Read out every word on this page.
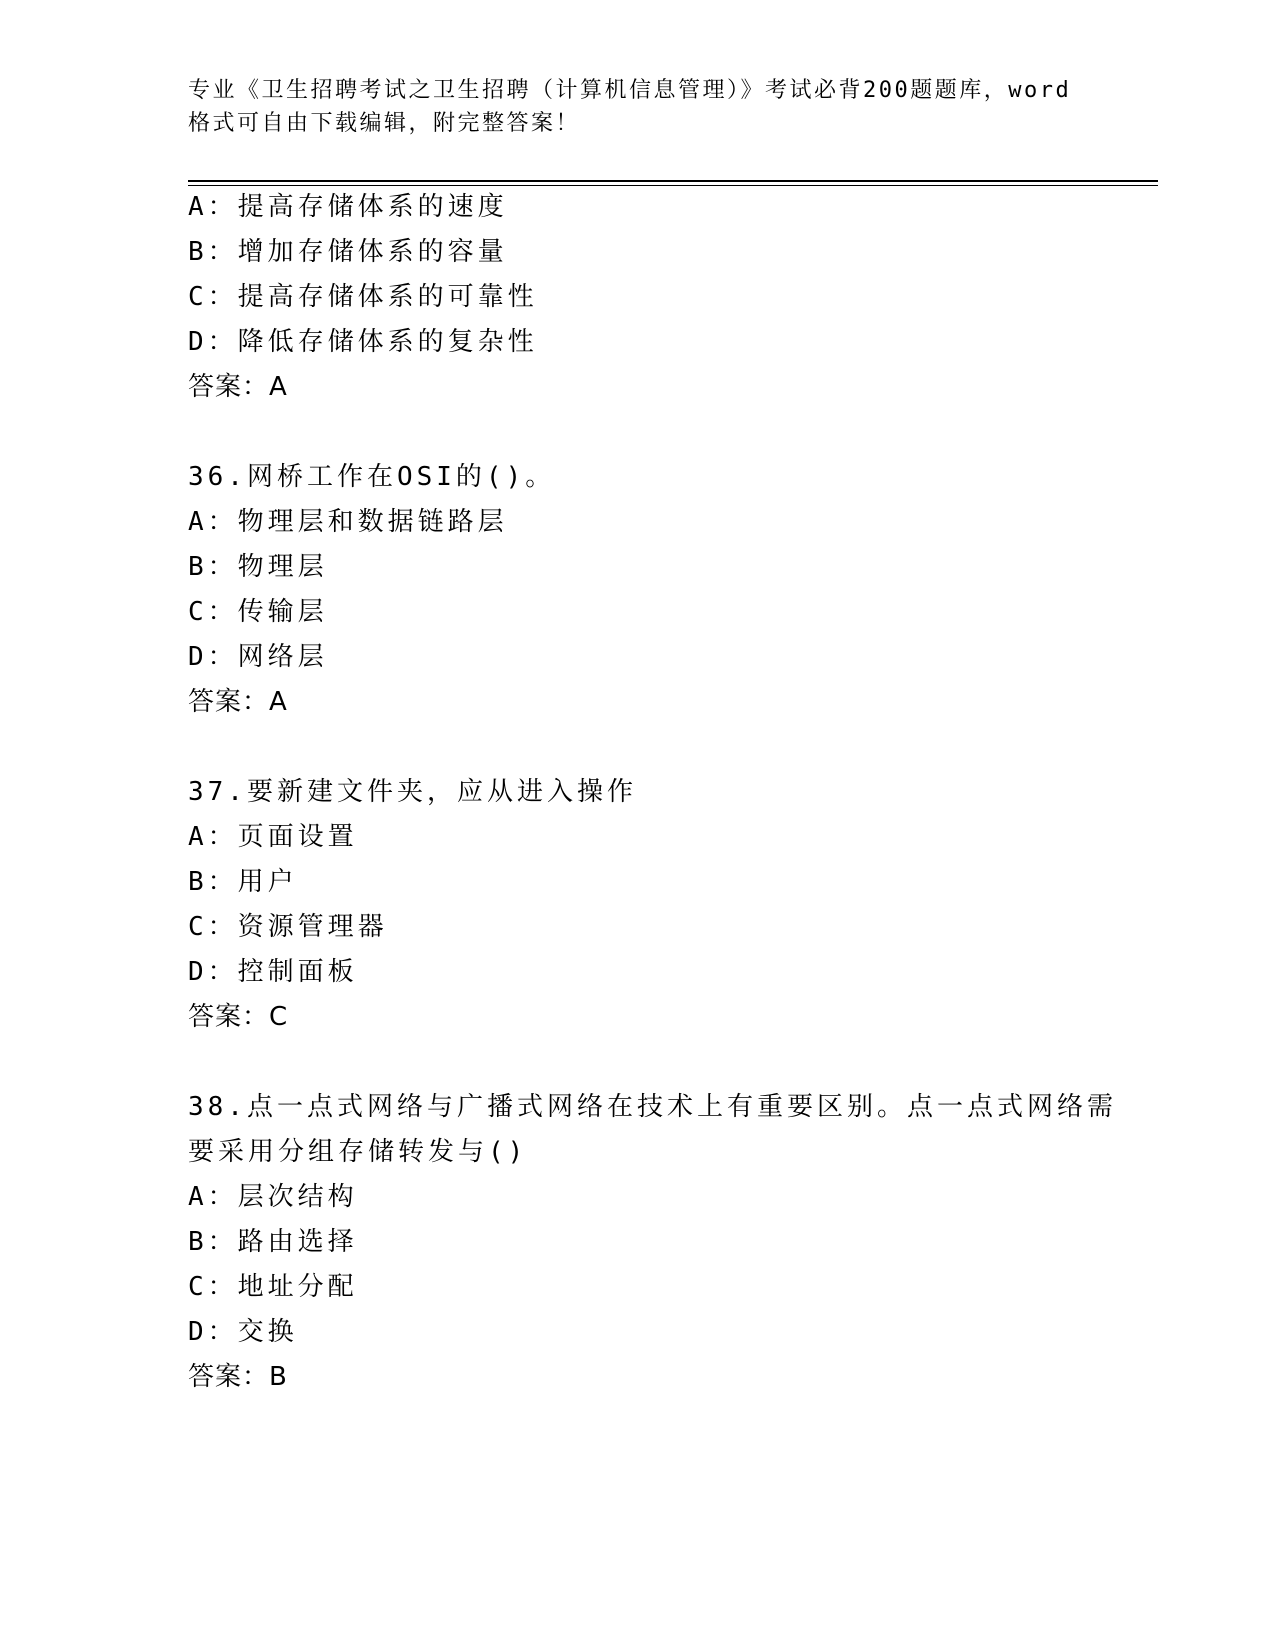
专业《卫生招聘考试之卫生招聘（计算机信息管理）》考试必背200题题库，word
格式可自由下载编辑，附完整答案！
A：提高存储体系的速度
B：增加存储体系的容量
C：提高存储体系的可靠性
D：降低存储体系的复杂性
答案：A
36.网桥工作在OSI的()。
A：物理层和数据链路层
B：物理层
C：传输层
D：网络层
答案：A
37.要新建文件夹，应从进入操作
A：页面设置
B：用户
C：资源管理器
D：控制面板
答案：C
38.点一点式网络与广播式网络在技术上有重要区别。点一点式网络需
要采用分组存储转发与()
A：层次结构
B：路由选择
C：地址分配
D：交换
答案：B
